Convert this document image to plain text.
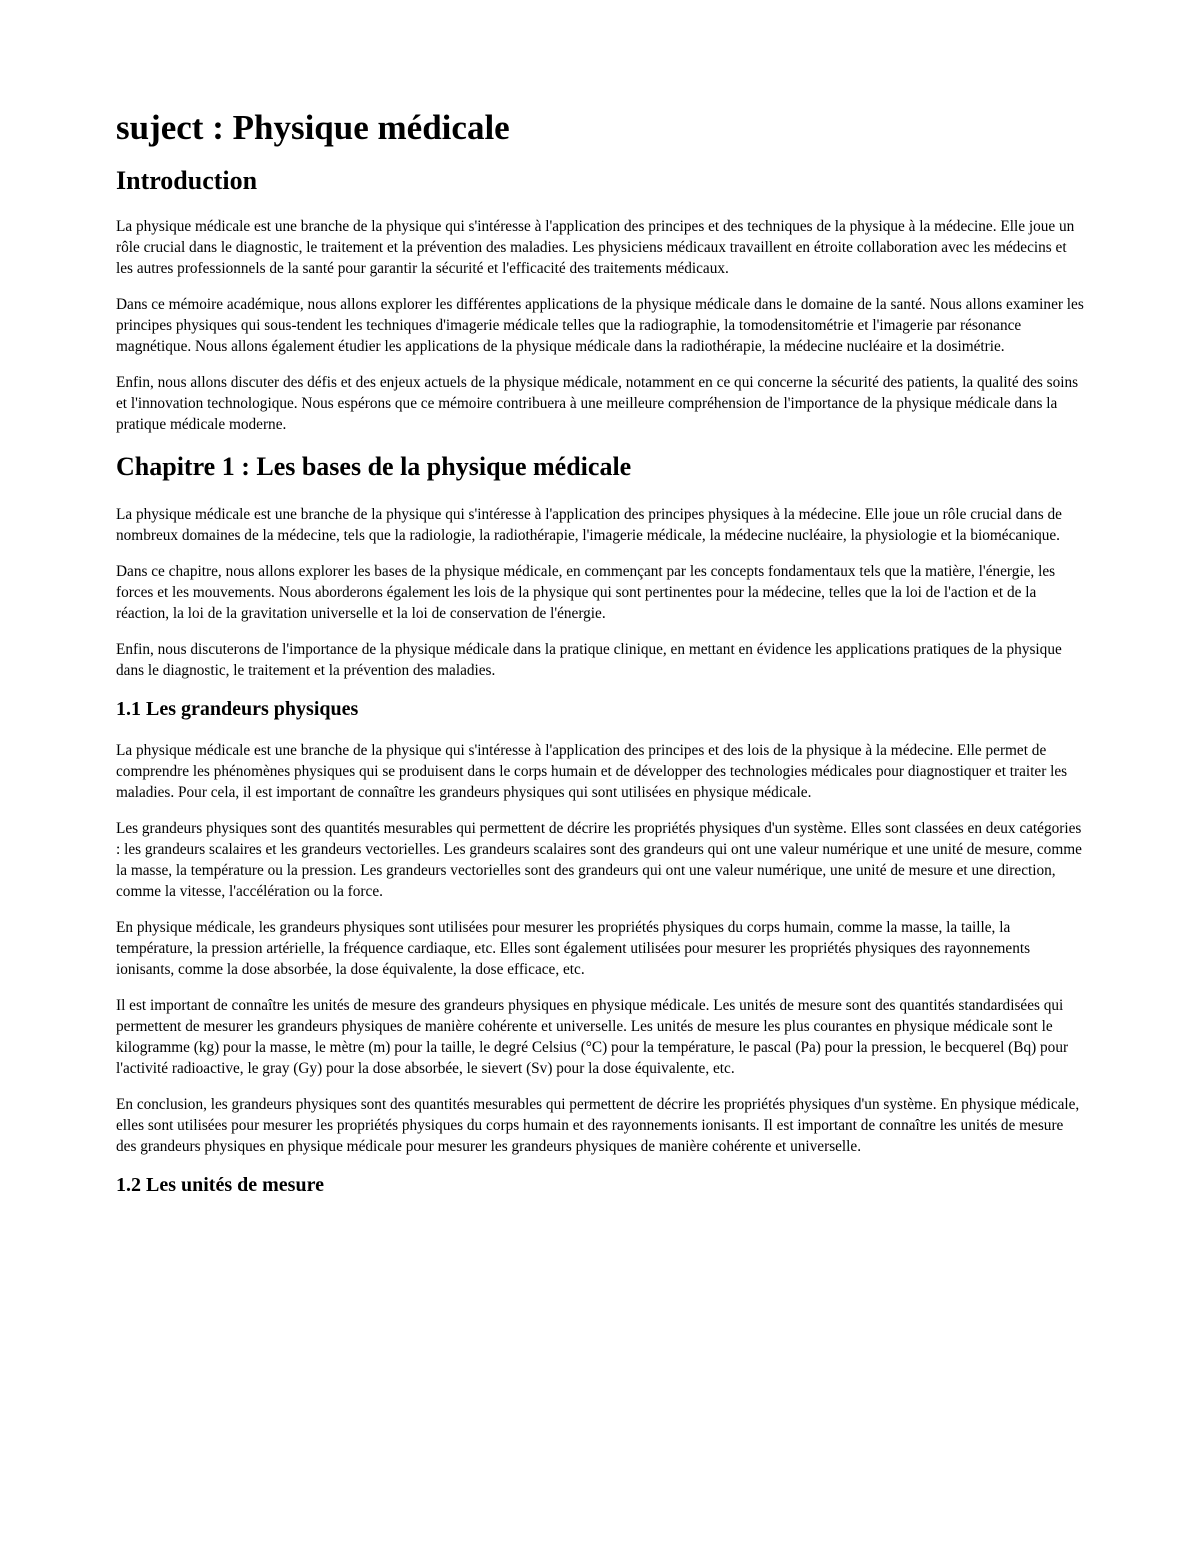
suject : Physique médicale
Introduction

La physique médicale est une branche de la physique qui s'intéresse à l'application des principes et des techniques de la physique à la médecine. Elle joue un rôle crucial dans le diagnostic, le traitement et la prévention des maladies. Les physiciens médicaux travaillent en étroite collaboration avec les médecins et les autres professionnels de la santé pour garantir la sécurité et l'efficacité des traitements médicaux.

Dans ce mémoire académique, nous allons explorer les différentes applications de la physique médicale dans le domaine de la santé. Nous allons examiner les principes physiques qui sous-tendent les techniques d'imagerie médicale telles que la radiographie, la tomodensitométrie et l'imagerie par résonance magnétique. Nous allons également étudier les applications de la physique médicale dans la radiothérapie, la médecine nucléaire et la dosimétrie.

Enfin, nous allons discuter des défis et des enjeux actuels de la physique médicale, notamment en ce qui concerne la sécurité des patients, la qualité des soins et l'innovation technologique. Nous espérons que ce mémoire contribuera à une meilleure compréhension de l'importance de la physique médicale dans la pratique médicale moderne.

Chapitre 1 : Les bases de la physique médicale

La physique médicale est une branche de la physique qui s'intéresse à l'application des principes physiques à la médecine. Elle joue un rôle crucial dans de nombreux domaines de la médecine, tels que la radiologie, la radiothérapie, l'imagerie médicale, la médecine nucléaire, la physiologie et la biomécanique.

Dans ce chapitre, nous allons explorer les bases de la physique médicale, en commençant par les concepts fondamentaux tels que la matière, l'énergie, les forces et les mouvements. Nous aborderons également les lois de la physique qui sont pertinentes pour la médecine, telles que la loi de l'action et de la réaction, la loi de la gravitation universelle et la loi de conservation de l'énergie.

Enfin, nous discuterons de l'importance de la physique médicale dans la pratique clinique, en mettant en évidence les applications pratiques de la physique dans le diagnostic, le traitement et la prévention des maladies.

1.1 Les grandeurs physiques

La physique médicale est une branche de la physique qui s'intéresse à l'application des principes et des lois de la physique à la médecine. Elle permet de comprendre les phénomènes physiques qui se produisent dans le corps humain et de développer des technologies médicales pour diagnostiquer et traiter les maladies. Pour cela, il est important de connaître les grandeurs physiques qui sont utilisées en physique médicale.

Les grandeurs physiques sont des quantités mesurables qui permettent de décrire les propriétés physiques d'un système. Elles sont classées en deux catégories : les grandeurs scalaires et les grandeurs vectorielles. Les grandeurs scalaires sont des grandeurs qui ont une valeur numérique et une unité de mesure, comme la masse, la température ou la pression. Les grandeurs vectorielles sont des grandeurs qui ont une valeur numérique, une unité de mesure et une direction, comme la vitesse, l'accélération ou la force.

En physique médicale, les grandeurs physiques sont utilisées pour mesurer les propriétés physiques du corps humain, comme la masse, la taille, la température, la pression artérielle, la fréquence cardiaque, etc. Elles sont également utilisées pour mesurer les propriétés physiques des rayonnements ionisants, comme la dose absorbée, la dose équivalente, la dose efficace, etc.

Il est important de connaître les unités de mesure des grandeurs physiques en physique médicale. Les unités de mesure sont des quantités standardisées qui permettent de mesurer les grandeurs physiques de manière cohérente et universelle. Les unités de mesure les plus courantes en physique médicale sont le kilogramme (kg) pour la masse, le mètre (m) pour la taille, le degré Celsius (°C) pour la température, le pascal (Pa) pour la pression, le becquerel (Bq) pour l'activité radioactive, le gray (Gy) pour la dose absorbée, le sievert (Sv) pour la dose équivalente, etc.

En conclusion, les grandeurs physiques sont des quantités mesurables qui permettent de décrire les propriétés physiques d'un système. En physique médicale, elles sont utilisées pour mesurer les propriétés physiques du corps humain et des rayonnements ionisants. Il est important de connaître les unités de mesure des grandeurs physiques en physique médicale pour mesurer les grandeurs physiques de manière cohérente et universelle.

1.2 Les unités de mesure
